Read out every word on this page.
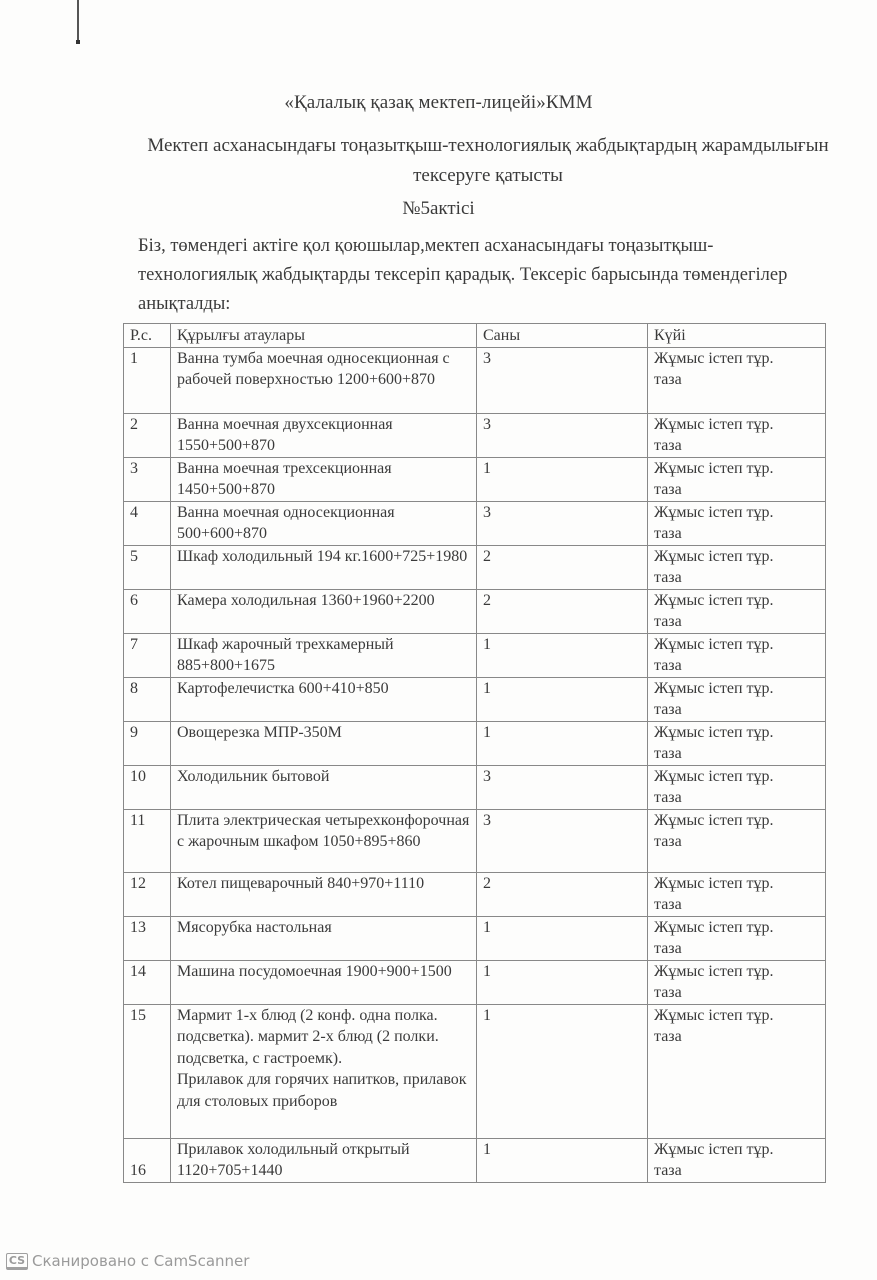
«Қалалық қазақ мектеп-лицейі»КММ
Мектеп асханасындағы тоңазытқыш-технологиялық жабдықтардың жарамдылығын тексеруге қатысты
№5актісі
Біз, төмендегі актіге қол қоюшылар,мектеп асханасындағы тоңазытқыш-технологиялық жабдықтарды тексеріп қарадық. Тексеріс барысында төмендегілер анықталды:
Р.с.	Құрылғы атаулары	Саны	Күйі
1	Ванна тумба моечная односекционная с рабочей поверхностью 1200+600+870	3	Жұмыс істеп тұр.
таза

2	Ванна моечная двухсекционная 1550+500+870	3	Жұмыс істеп тұр.
таза

3	Ванна моечная трехсекционная 1450+500+870	1	Жұмыс істеп тұр.
таза

4	Ванна моечная односекционная 500+600+870	3	Жұмыс істеп тұр.
таза

5	Шкаф холодильный 194 кг.1600+725+1980	2	Жұмыс істеп тұр.
таза

6	Камера холодильная 1360+1960+2200	2	Жұмыс істеп тұр.
таза

7	Шкаф жарочный трехкамерный 885+800+1675	1	Жұмыс істеп тұр.
таза

8	Картофелечистка 600+410+850	1	Жұмыс істеп тұр.
таза

9	Овощерезка МПР-350М	1	Жұмыс істеп тұр.
таза

10	Холодильник бытовой	3	Жұмыс істеп тұр.
таза

11	Плита электрическая четырехконфорочная с жарочным шкафом 1050+895+860	3	Жұмыс істеп тұр.
таза

12	Котел пищеварочный 840+970+1110	2	Жұмыс істеп тұр.
таза

13	Мясорубка настольная	1	Жұмыс істеп тұр.
таза

14	Машина посудомоечная 1900+900+1500	1	Жұмыс істеп тұр.
таза

15	Мармит 1-х блюд (2 конф. одна полка. подсветка). мармит 2-х блюд (2 полки. подсветка, с гастроемк).
Прилавок для горячих напитков, прилавок для столовых приборов	1	Жұмыс істеп тұр.
таза

16	Прилавок холодильный открытый 1120+705+1440	1	Жұмыс істеп тұр.
таза
CS Сканировано с CamScanner
